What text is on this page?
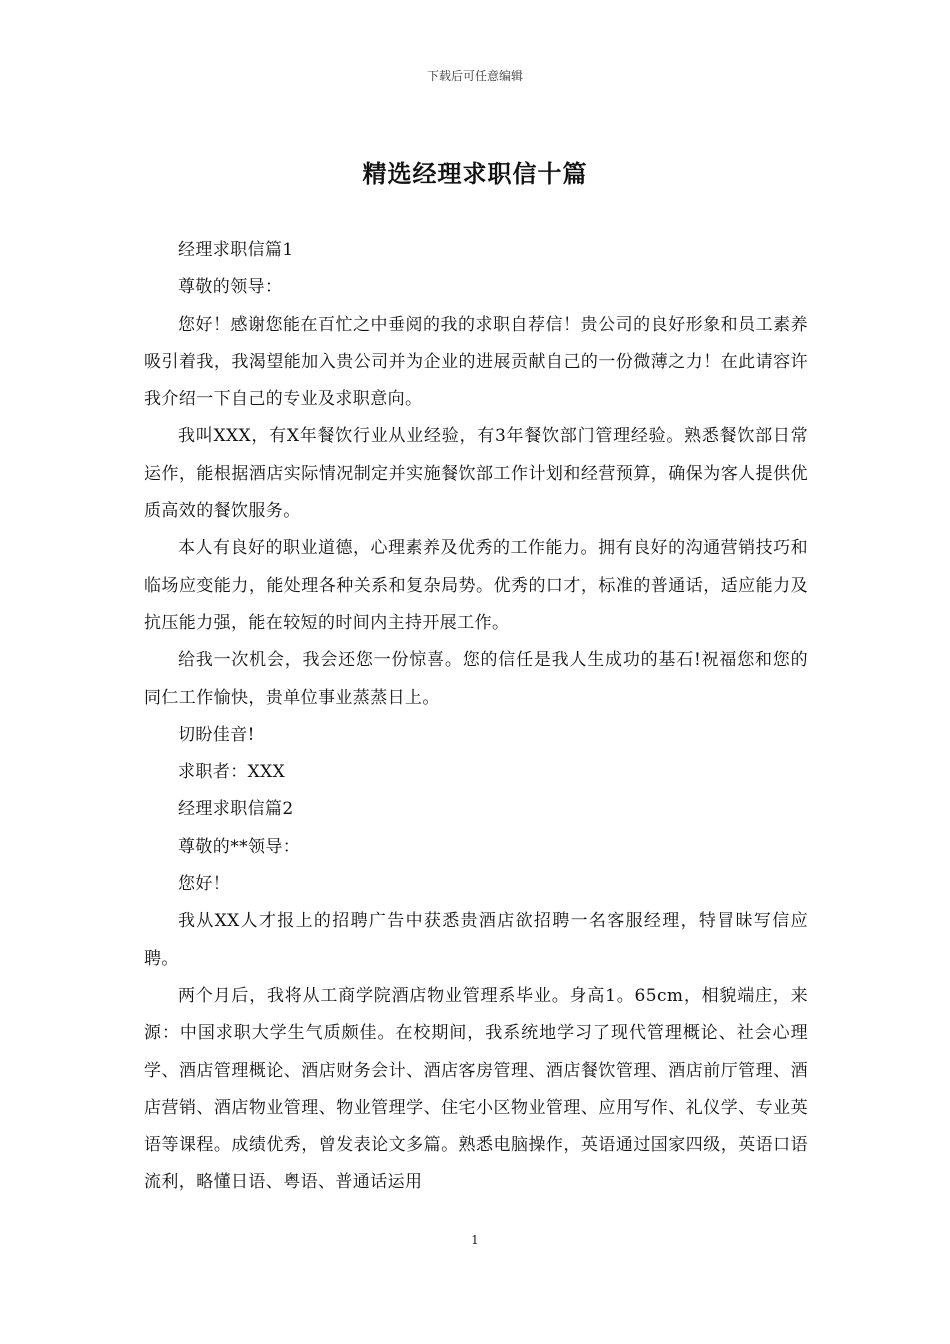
下载后可任意编辑
精选经理求职信十篇

经理求职信篇1

尊敬的领导：

您好！感谢您能在百忙之中垂阅的我的求职自荐信！贵公司的良好形象和员工素养吸引着我，我渴望能加入贵公司并为企业的进展贡献自己的一份微薄之力！在此请容许我介绍一下自己的专业及求职意向。

我叫XXX，有X年餐饮行业从业经验，有3年餐饮部门管理经验。熟悉餐饮部日常运作，能根据酒店实际情况制定并实施餐饮部工作计划和经营预算，确保为客人提供优质高效的餐饮服务。

本人有良好的职业道德，心理素养及优秀的工作能力。拥有良好的沟通营销技巧和临场应变能力，能处理各种关系和复杂局势。优秀的口才，标准的普通话，适应能力及抗压能力强，能在较短的时间内主持开展工作。

给我一次机会，我会还您一份惊喜。您的信任是我人生成功的基石!祝福您和您的同仁工作愉快，贵单位事业蒸蒸日上。

切盼佳音!

求职者：XXX

经理求职信篇2

尊敬的**领导：

您好！

我从XX人才报上的招聘广告中获悉贵酒店欲招聘一名客服经理，特冒昧写信应聘。

两个月后，我将从工商学院酒店物业管理系毕业。身高1。65cm，相貌端庄，来源：中国求职大学生气质颇佳。在校期间，我系统地学习了现代管理概论、社会心理学、酒店管理概论、酒店财务会计、酒店客房管理、酒店餐饮管理、酒店前厅管理、酒店营销、酒店物业管理、物业管理学、住宅小区物业管理、应用写作、礼仪学、专业英语等课程。成绩优秀，曾发表论文多篇。熟悉电脑操作，英语通过国家四级，英语口语流利，略懂日语、粤语、普通话运用

1
